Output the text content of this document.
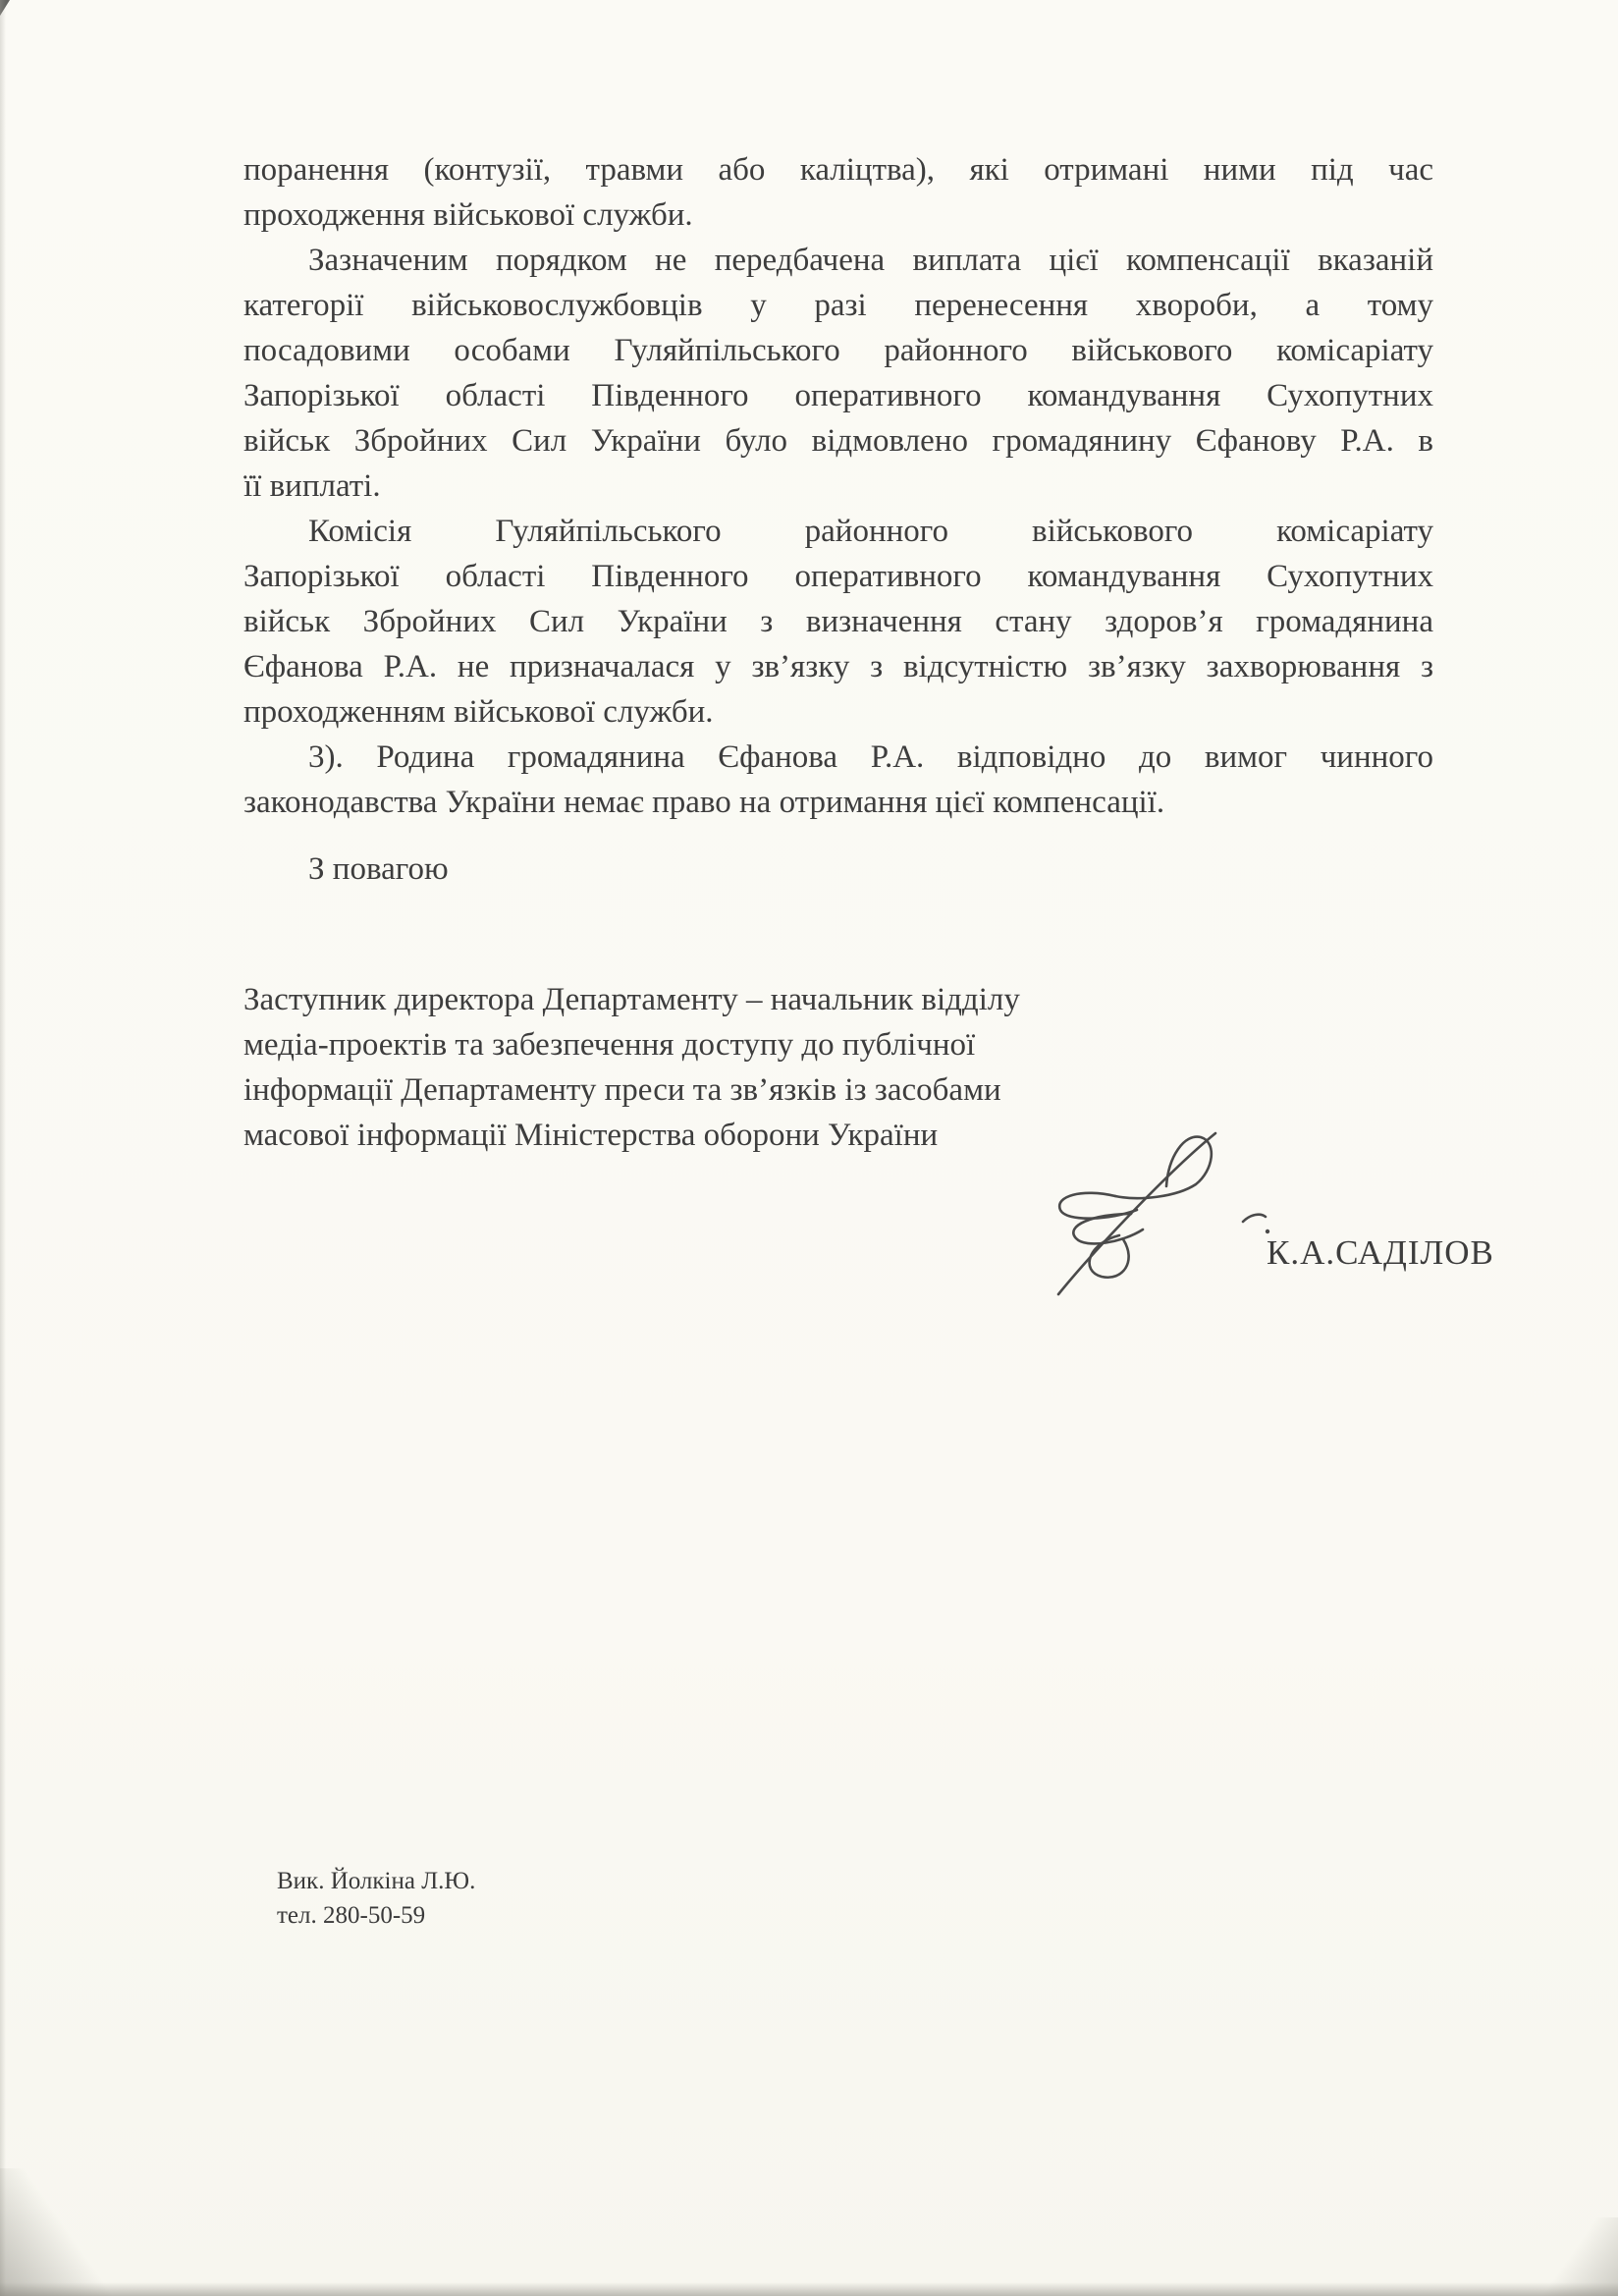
поранення (контузії, травми або каліцтва), які отримані ними під час
проходження військової служби.
Зазначеним порядком не передбачена виплата цієї компенсації вказаній
категорії військовослужбовців у разі перенесення хвороби, а тому
посадовими особами Гуляйпільського районного військового комісаріату
Запорізької області Південного оперативного командування Сухопутних
військ Збройних Сил України було відмовлено громадянину Єфанову Р.А. в
її виплаті.
Комісія Гуляйпільського районного військового комісаріату
Запорізької області Південного оперативного командування Сухопутних
військ Збройних Сил України з визначення стану здоров’я громадянина
Єфанова Р.А. не призначалася у зв’язку з відсутністю зв’язку захворювання з
проходженням військової служби.
3). Родина громадянина Єфанова Р.А. відповідно до вимог чинного
законодавства України немає право на отримання цієї компенсації.
З повагою
Заступник директора Департаменту – начальник відділу
медіа-проектів та забезпечення доступу до публічної
інформації Департаменту преси та зв’язків із засобами
масової інформації Міністерства оборони України
К.А.САДІЛОВ
Вик. Йолкіна Л.Ю.
тел. 280-50-59
